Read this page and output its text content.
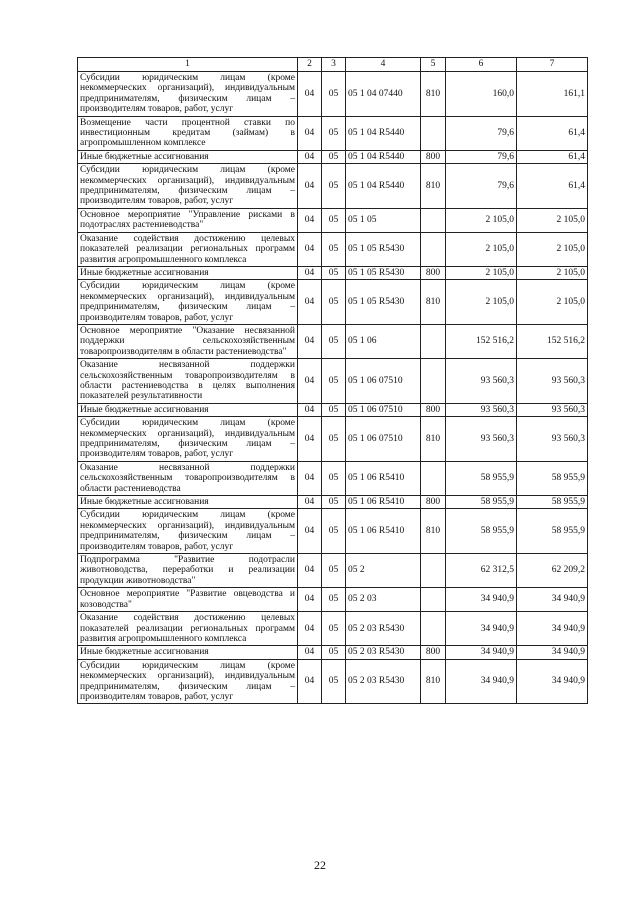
1	2	3	4	5	6	7
Субсидии юридическим лицам (кроме некоммерческих организаций), индивидуальным предпринимателям, физическим лицам – производителям товаров, работ, услуг	04	05	05 1 04 07440	810	160,0	161,1
Возмещение части процентной ставки по инвестиционным кредитам (займам) в агропромышленном комплексе	04	05	05 1 04 R5440		79,6	61,4
Иные бюджетные ассигнования	04	05	05 1 04 R5440	800	79,6	61,4
Субсидии юридическим лицам (кроме некоммерческих организаций), индивидуальным предпринимателям, физическим лицам – производителям товаров, работ, услуг	04	05	05 1 04 R5440	810	79,6	61,4
Основное мероприятие "Управление рисками в подотраслях растениеводства"	04	05	05 1 05		2 105,0	2 105,0
Оказание содействия достижению целевых показателей реализации региональных программ развития агропромышленного комплекса	04	05	05 1 05 R5430		2 105,0	2 105,0
Иные бюджетные ассигнования	04	05	05 1 05 R5430	800	2 105,0	2 105,0
Субсидии юридическим лицам (кроме некоммерческих организаций), индивидуальным предпринимателям, физическим лицам – производителям товаров, работ, услуг	04	05	05 1 05 R5430	810	2 105,0	2 105,0
Основное мероприятие "Оказание несвязанной поддержки сельскохозяйственным товаропроизводителям в области растениеводства"	04	05	05 1 06		152 516,2	152 516,2
Оказание несвязанной поддержки сельскохозяйственным товаропроизводителям в области растениеводства в целях выполнения показателей результативности	04	05	05 1 06 07510		93 560,3	93 560,3
Иные бюджетные ассигнования	04	05	05 1 06 07510	800	93 560,3	93 560,3
Субсидии юридическим лицам (кроме некоммерческих организаций), индивидуальным предпринимателям, физическим лицам – производителям товаров, работ, услуг	04	05	05 1 06 07510	810	93 560,3	93 560,3
Оказание несвязанной поддержки сельскохозяйственным товаропроизводителям в области растениеводства	04	05	05 1 06 R5410		58 955,9	58 955,9
Иные бюджетные ассигнования	04	05	05 1 06 R5410	800	58 955,9	58 955,9
Субсидии юридическим лицам (кроме некоммерческих организаций), индивидуальным предпринимателям, физическим лицам – производителям товаров, работ, услуг	04	05	05 1 06 R5410	810	58 955,9	58 955,9
Подпрограмма "Развитие подотрасли животноводства, переработки и реализации продукции животноводства"	04	05	05 2		62 312,5	62 209,2
Основное мероприятие "Развитие овцеводства и козоводства"	04	05	05 2 03		34 940,9	34 940,9
Оказание содействия достижению целевых показателей реализации региональных программ развития агропромышленного комплекса	04	05	05 2 03 R5430		34 940,9	34 940,9
Иные бюджетные ассигнования	04	05	05 2 03 R5430	800	34 940,9	34 940,9
Субсидии юридическим лицам (кроме некоммерческих организаций), индивидуальным предпринимателям, физическим лицам – производителям товаров, работ, услуг	04	05	05 2 03 R5430	810	34 940,9	34 940,9
22
